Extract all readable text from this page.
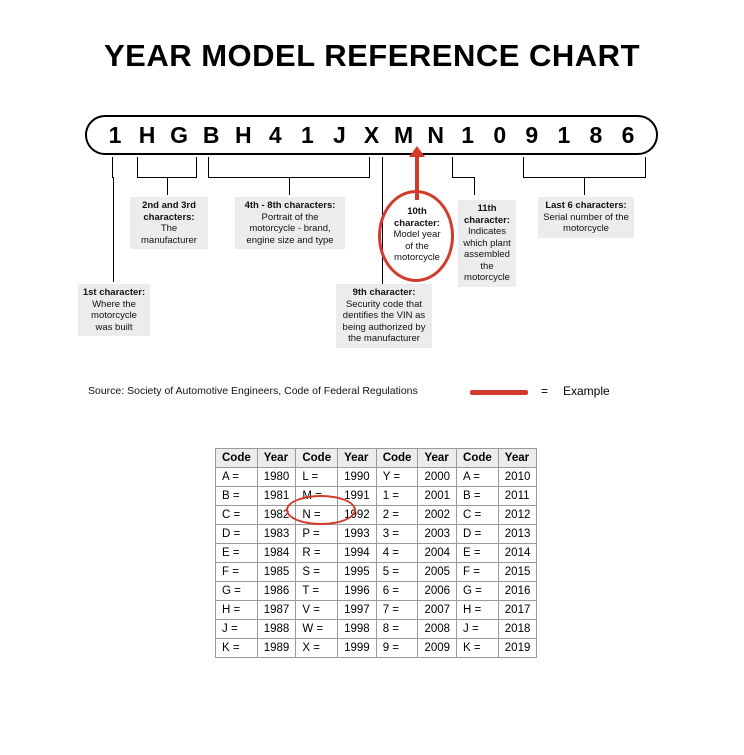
YEAR MODEL REFERENCE CHART
1 H G B H 4 1 J X M N 1 0 9 1 8 6
2nd and 3rd characters: The manufacturer
4th - 8th characters: Portrait of the motorcycle - brand, engine size and type
10th character: Model year of the motorcycle
11th character: Indicates which plant assembled the motorcycle
Last 6 characters: Serial number of the motorcycle
1st character: Where the motorcycle was built
9th character: Security code that dentifies the VIN as being authorized by the manufacturer
Source: Society of Automotive Engineers, Code of Federal Regulations	= Example
Code	Year	Code	Year	Code	Year	Code	Year
A =	1980	L =	1990	Y =	2000	A =	2010
B =	1981	M =	1991	1 =	2001	B =	2011
C =	1982	N =	1992	2 =	2002	C =	2012
D =	1983	P =	1993	3 =	2003	D =	2013
E =	1984	R =	1994	4 =	2004	E =	2014
F =	1985	S =	1995	5 =	2005	F =	2015
G =	1986	T =	1996	6 =	2006	G =	2016
H =	1987	V =	1997	7 =	2007	H =	2017
J =	1988	W =	1998	8 =	2008	J =	2018
K =	1989	X =	1999	9 =	2009	K =	2019
